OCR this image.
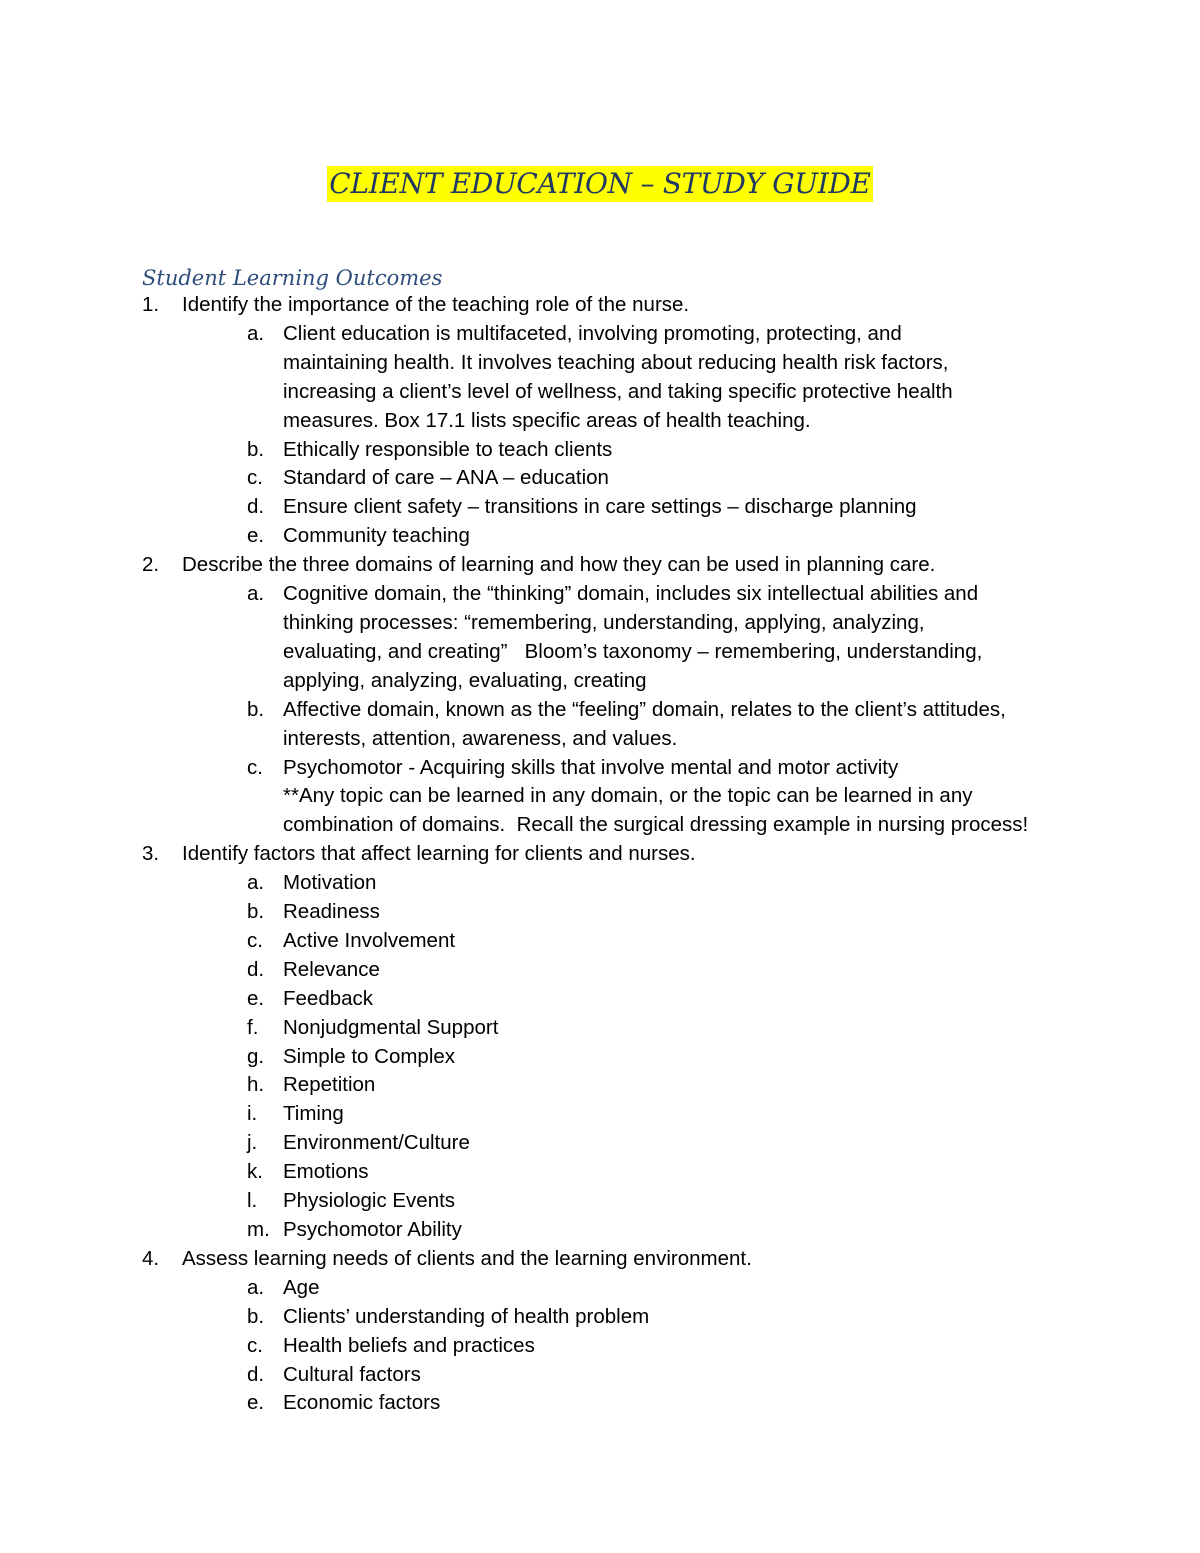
CLIENT EDUCATION – STUDY GUIDE
Student Learning Outcomes
1. Identify the importance of the teaching role of the nurse.
a. Client education is multifaceted, involving promoting, protecting, and
maintaining health. It involves teaching about reducing health risk factors,
increasing a client’s level of wellness, and taking specific protective health
measures. Box 17.1 lists specific areas of health teaching.
b. Ethically responsible to teach clients
c. Standard of care – ANA – education
d. Ensure client safety – transitions in care settings – discharge planning
e. Community teaching
2. Describe the three domains of learning and how they can be used in planning care.
a. Cognitive domain, the “thinking” domain, includes six intellectual abilities and
thinking processes: “remembering, understanding, applying, analyzing,
evaluating, and creating”   Bloom’s taxonomy – remembering, understanding,
applying, analyzing, evaluating, creating
b. Affective domain, known as the “feeling” domain, relates to the client’s attitudes,
interests, attention, awareness, and values.
c. Psychomotor - Acquiring skills that involve mental and motor activity
**Any topic can be learned in any domain, or the topic can be learned in any
combination of domains.  Recall the surgical dressing example in nursing process!
3. Identify factors that affect learning for clients and nurses.
a. Motivation
b. Readiness
c. Active Involvement
d. Relevance
e. Feedback
f. Nonjudgmental Support
g. Simple to Complex
h. Repetition
i. Timing
j. Environment/Culture
k. Emotions
l. Physiologic Events
m. Psychomotor Ability
4. Assess learning needs of clients and the learning environment.
a. Age
b. Clients’ understanding of health problem
c. Health beliefs and practices
d. Cultural factors
e. Economic factors
